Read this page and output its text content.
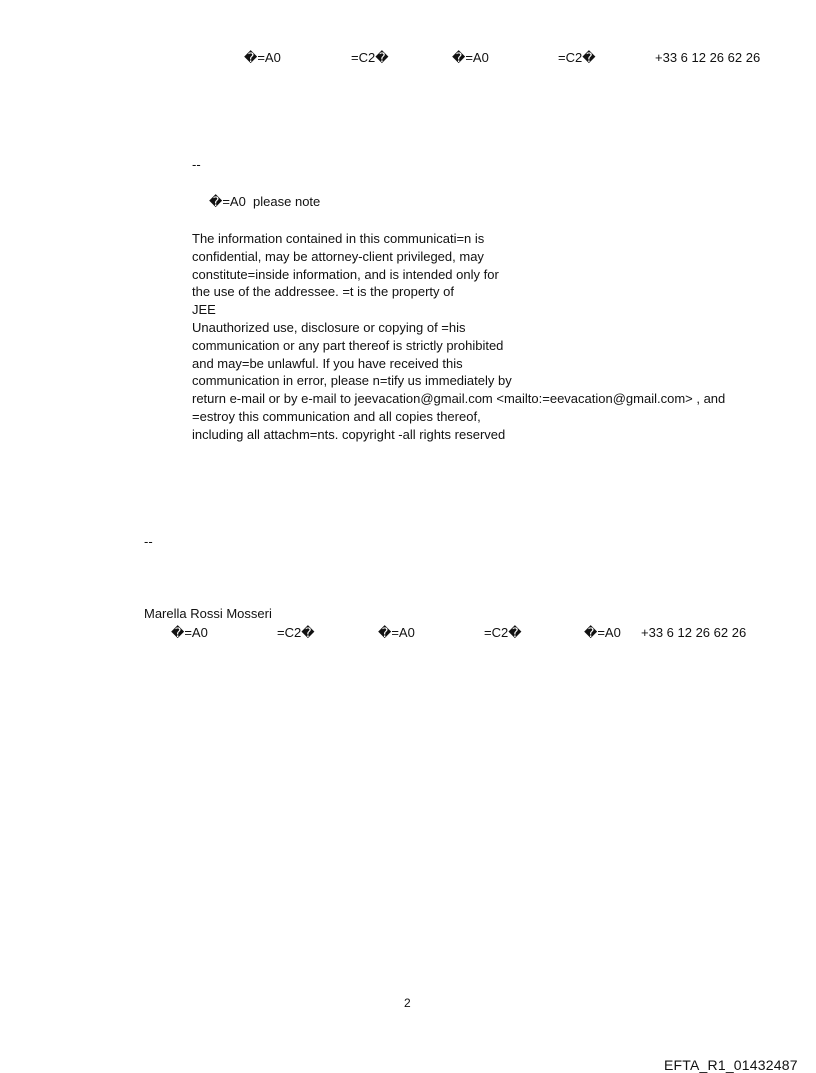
�=A0	=C2�	�=A0	=C2�	+33 6 12 26 62 26
--
�=A0  please note
The information contained in this communicati=n is
confidential, may be attorney-client privileged, may
constitute=inside information, and is intended only for
the use of the addressee. =t is the property of
JEE
Unauthorized use, disclosure or copying of =his
communication or any part thereof is strictly prohibited
and may=be unlawful. If you have received this
communication in error, please n=tify us immediately by
return e-mail or by e-mail to jeevacation@gmail.com <mailto:=eevacation@gmail.com> , and
=estroy this communication and all copies thereof,
including all attachm=nts. copyright -all rights reserved
--
Marella Rossi Mosseri
�=A0	=C2�	�=A0	=C2�	�=A0 +33 6 12 26 62 26
2
EFTA_R1_01432487
